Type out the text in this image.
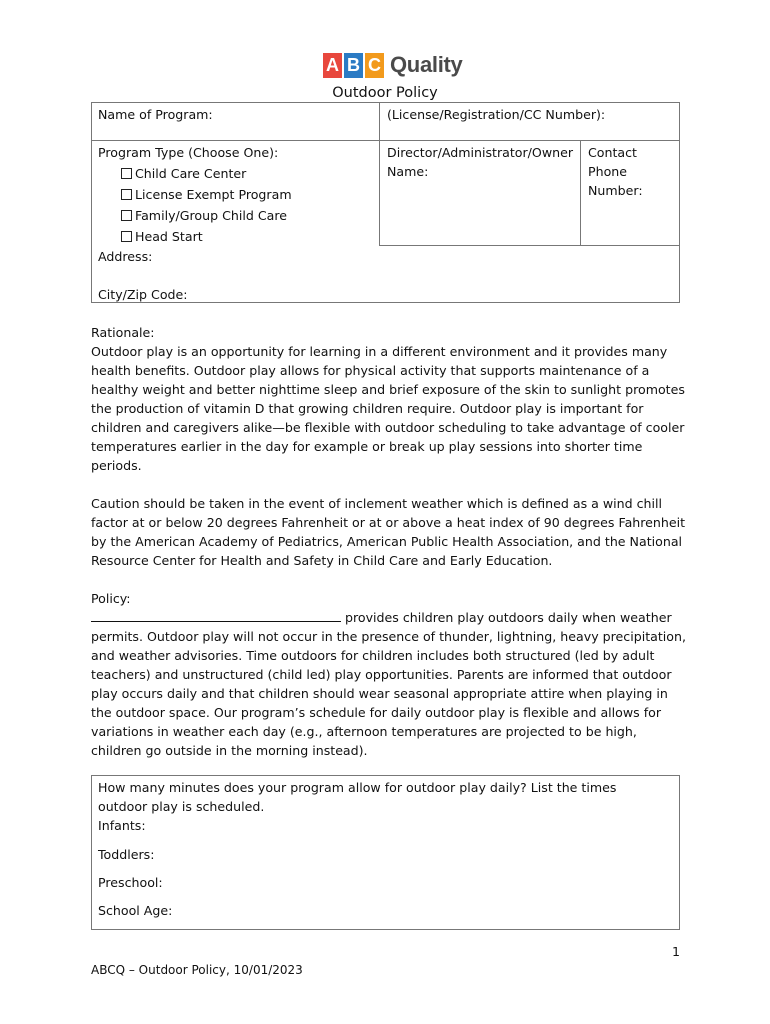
A B C Quality
Outdoor Policy
Name of Program:	(License/Registration/CC Number):
Program Type (Choose One):
Child Care Center
License Exempt Program
Family/Group Child Care
Head Start
Director/Administrator/Owner Name:
Contact Phone Number:
Address:
City/Zip Code:

Rationale:

Outdoor play is an opportunity for learning in a different environment and it provides many health benefits. Outdoor play allows for physical activity that supports maintenance of a healthy weight and better nighttime sleep and brief exposure of the skin to sunlight promotes the production of vitamin D that growing children require. Outdoor play is important for children and caregivers alike—be flexible with outdoor scheduling to take advantage of cooler temperatures earlier in the day for example or break up play sessions into shorter time periods.

Caution should be taken in the event of inclement weather which is defined as a wind chill factor at or below 20 degrees Fahrenheit or at or above a heat index of 90 degrees Fahrenheit by the American Academy of Pediatrics, American Public Health Association, and the National Resource Center for Health and Safety in Child Care and Early Education.

Policy:

provides children play outdoors daily when weather permits. Outdoor play will not occur in the presence of thunder, lightning, heavy precipitation, and weather advisories. Time outdoors for children includes both structured (led by adult teachers) and unstructured (child led) play opportunities. Parents are informed that outdoor play occurs daily and that children should wear seasonal appropriate attire when playing in the outdoor space. Our program’s schedule for daily outdoor play is flexible and allows for variations in weather each day (e.g., afternoon temperatures are projected to be high, children go outside in the morning instead).

How many minutes does your program allow for outdoor play daily? List the times outdoor play is scheduled.
Infants:
Toddlers:
Preschool:
School Age:
1
ABCQ – Outdoor Policy, 10/01/2023
